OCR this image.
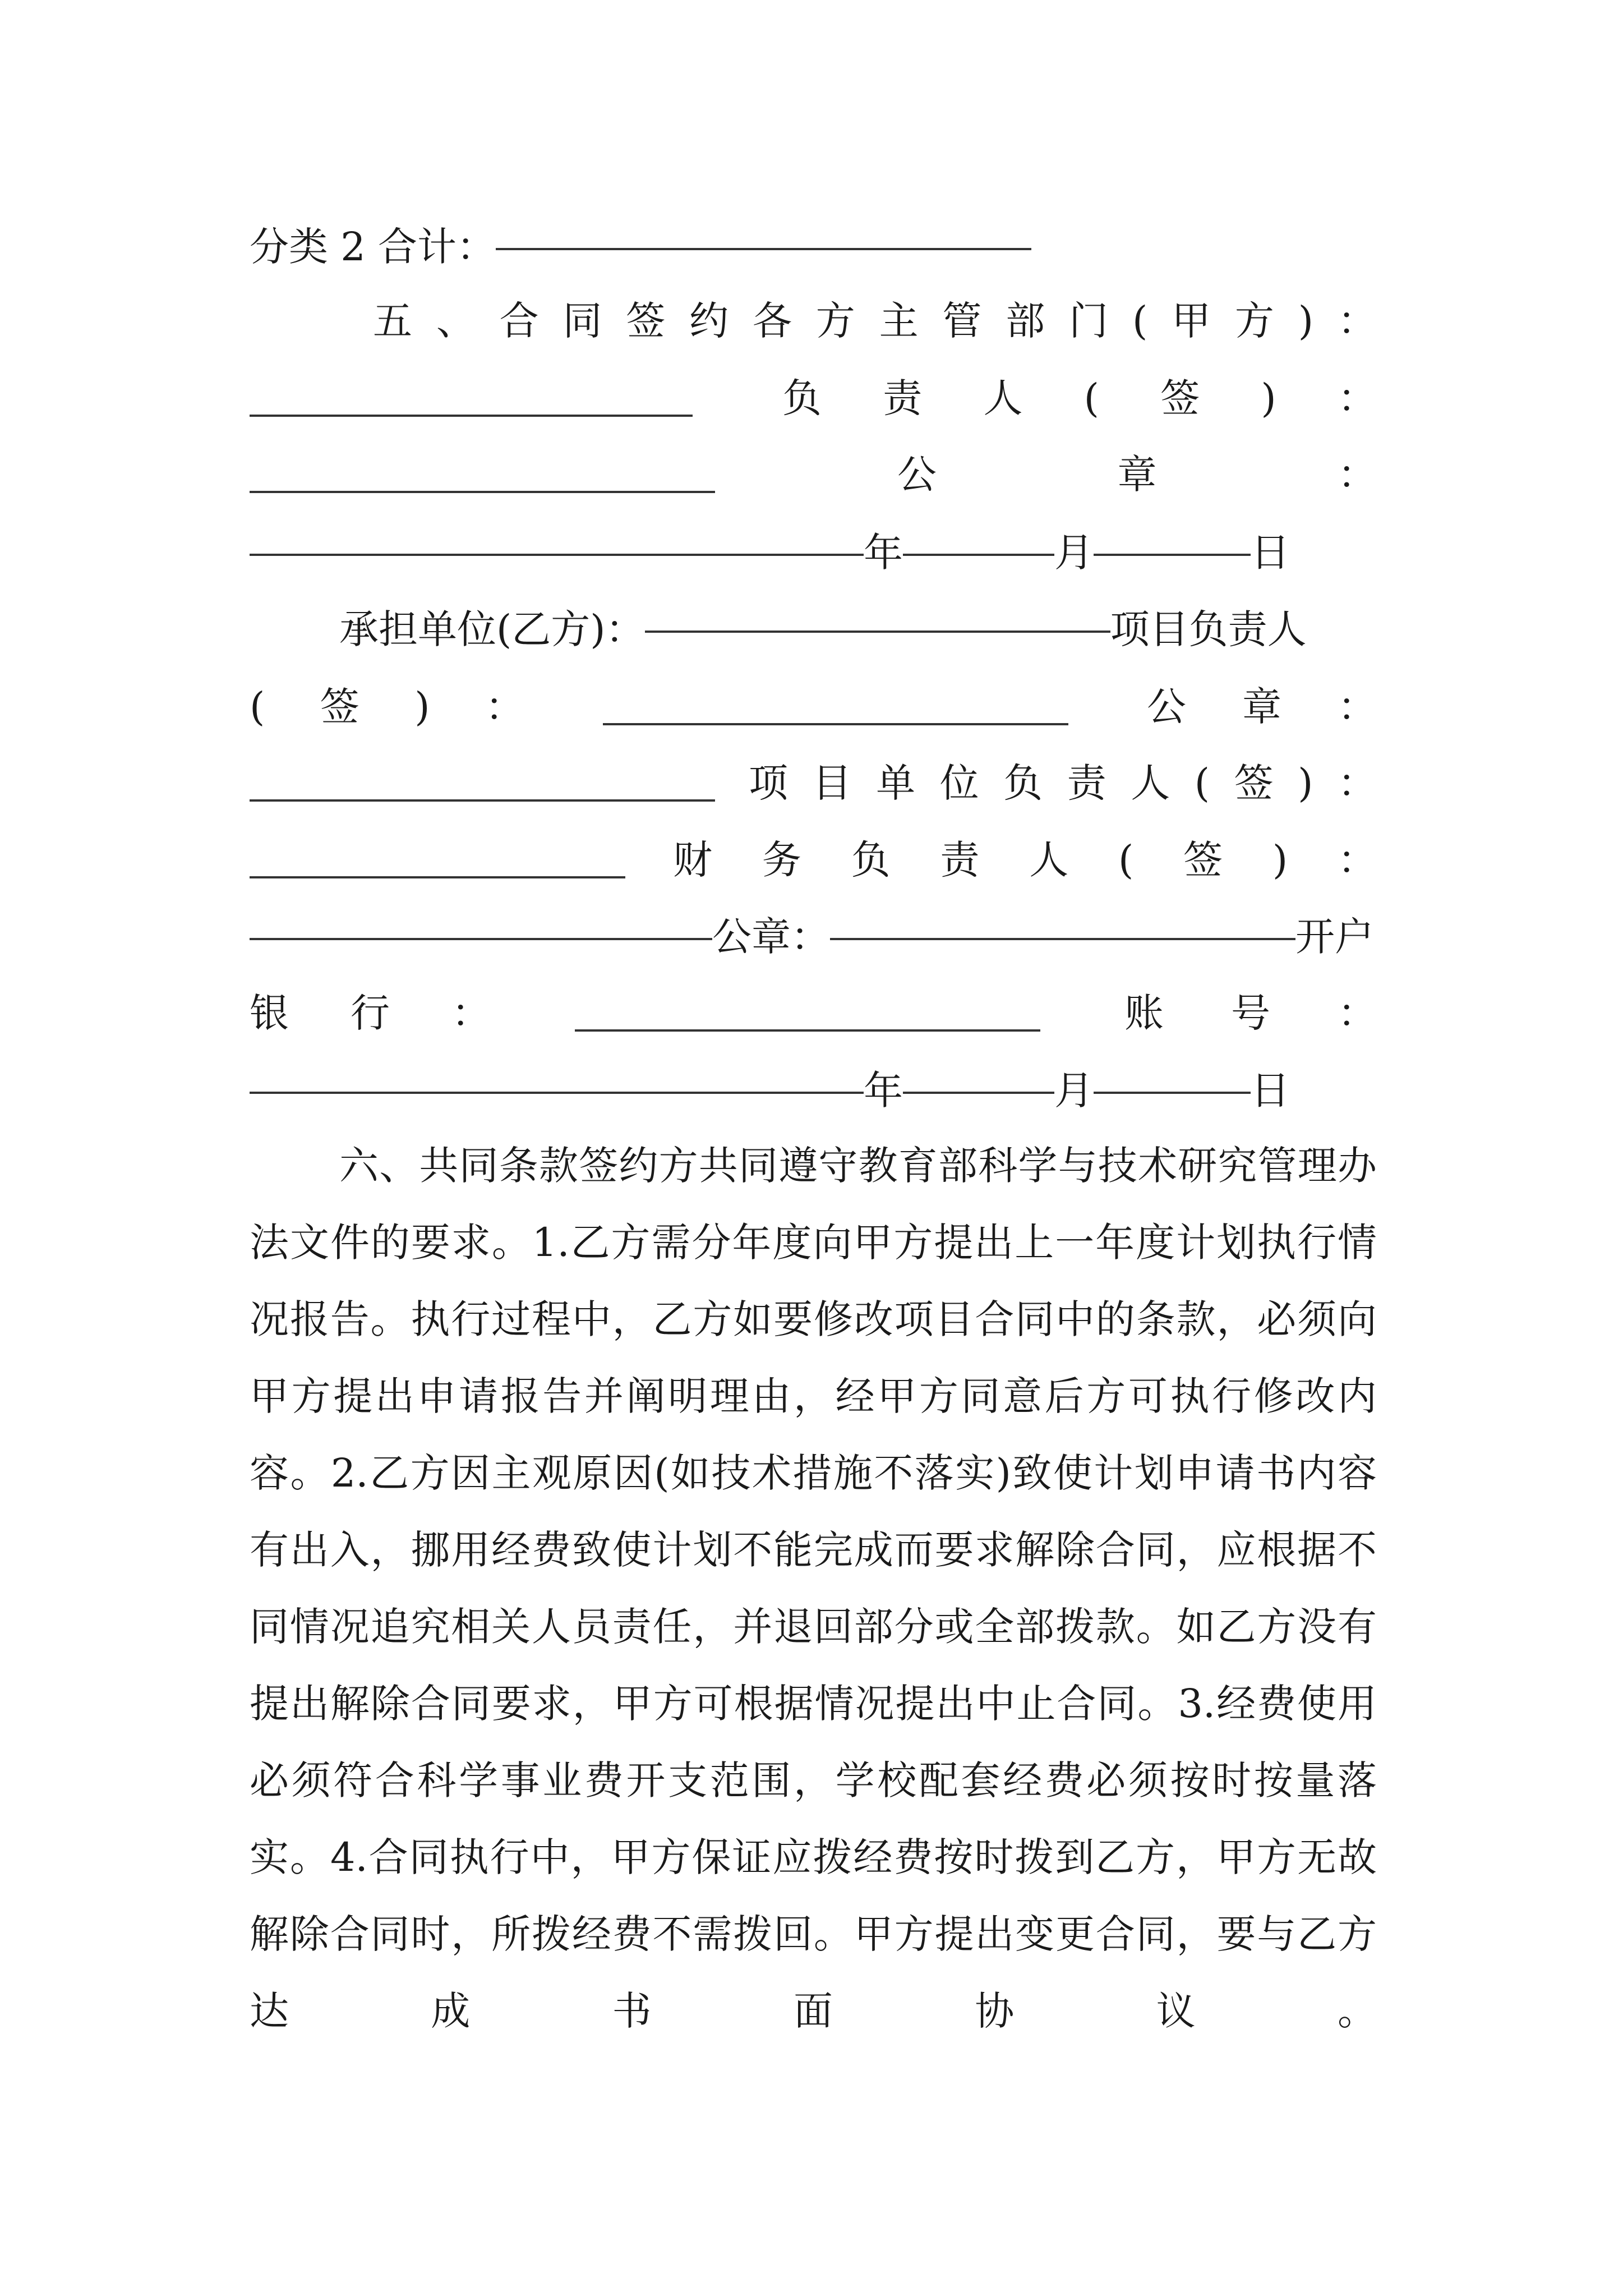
分类 2 合计：
五 、 合 同 签 约 各 方 主 管 部 门 ( 甲 方 ) ：
负 责 人 ( 签 ) ：
公	章	：
年	月	日
承担单位(乙方)：	项目负责人
( 签 ) ：	公 章 ：
项 目 单 位 负 责 人 ( 签 ) ：
财 务 负 责 人 ( 签 ) ：
公章：	开户
银 行 ：	账 号 ：
年	月	日

六、共同条款签约方共同遵守教育部科学与技术研究管理办法文件的要求。1.乙方需分年度向甲方提出上一年度计划执行情况报告。执行过程中，乙方如要修改项目合同中的条款，必须向甲方提出申请报告并阐明理由，经甲方同意后方可执行修改内容。2.乙方因主观原因(如技术措施不落实)致使计划申请书内容有出入，挪用经费致使计划不能完成而要求解除合同，应根据不同情况追究相关人员责任，并退回部分或全部拨款。如乙方没有提出解除合同要求，甲方可根据情况提出中止合同。3.经费使用必须符合科学事业费开支范围，学校配套经费必须按时按量落实。4.合同执行中，甲方保证应拨经费按时拨到乙方，甲方无故解除合同时，所拨经费不需拨回。甲方提出变更合同，要与乙方达成书面协议。
